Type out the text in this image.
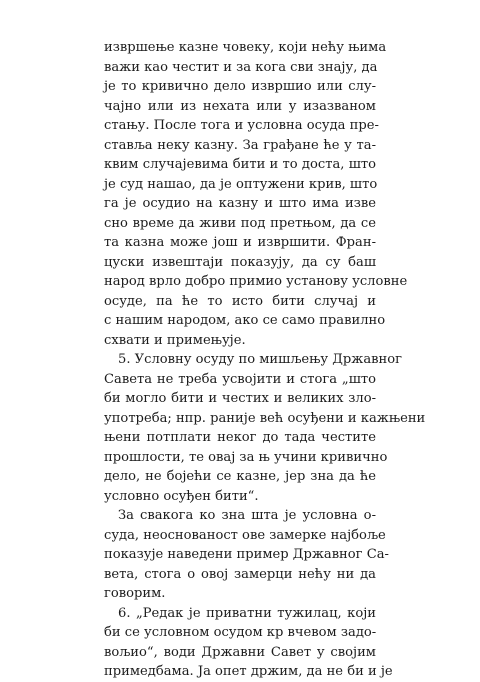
извршење казне човеку, који нећу њима
важи као честит и за кога сви знају, да
је то кривично дело извршио или слу-
чајно или из нехата или у изазваном
стању. После тога и условна осуда пре-
ставља неку казну. За грађане ће у та-
квим случајевима бити и то доста, што
је суд нашао, да је оптужени крив, што
га је осудио на казну и што има изве
сно време да живи под претњом, да се
та казна може још и извршити. Фран-
цуски извештаји показују, да су баш
народ врло добро примио установу условне
осуде, па ће то исто бити случај и
с нашим народом, ако се само правилно
схвати и примењује.
5. Условну осуду по мишљењу Државног
Савета не треба усвојити и стога „што
би могло бити и честих и великих зло-
употреба; нпр. раније већ осуђени и кажњени
њени потплати неког до тада честите
прошлости, те овај за њ учини кривично
дело, не бојећи се казне, јер зна да ће
условно осуђен бити“.
За свакога ко зна шта је условна о-
суда, неоснованост ове замерке најбоље
показује наведени пример Државног Са-
вета, стога о овој замерци нећу ни да
говорим.
6. „Редак је приватни тужилац, који
би се условном осудом кр вчевом задо-
вољио“, води Државни Савет у својим
примедбама. Ја опет држим, да не би и је
